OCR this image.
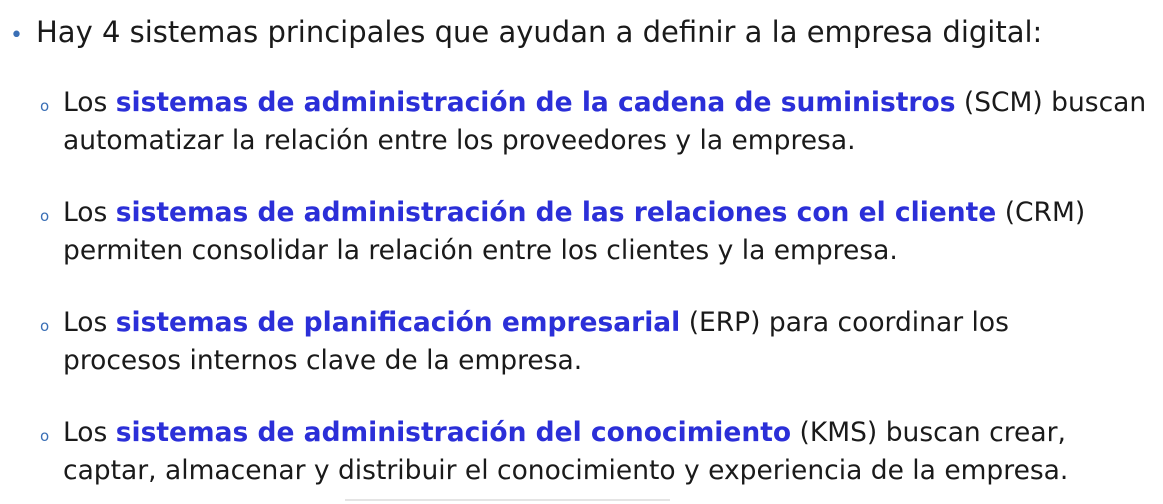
• Hay 4 sistemas principales que ayudan a definir a la empresa digital:
o Los sistemas de administración de la cadena de suministros (SCM) buscan
automatizar la relación entre los proveedores y la empresa.
o Los sistemas de administración de las relaciones con el cliente (CRM)
permiten consolidar la relación entre los clientes y la empresa.
o Los sistemas de planificación empresarial (ERP) para coordinar los
procesos internos clave de la empresa.
o Los sistemas de administración del conocimiento (KMS) buscan crear,
captar, almacenar y distribuir el conocimiento y experiencia de la empresa.
